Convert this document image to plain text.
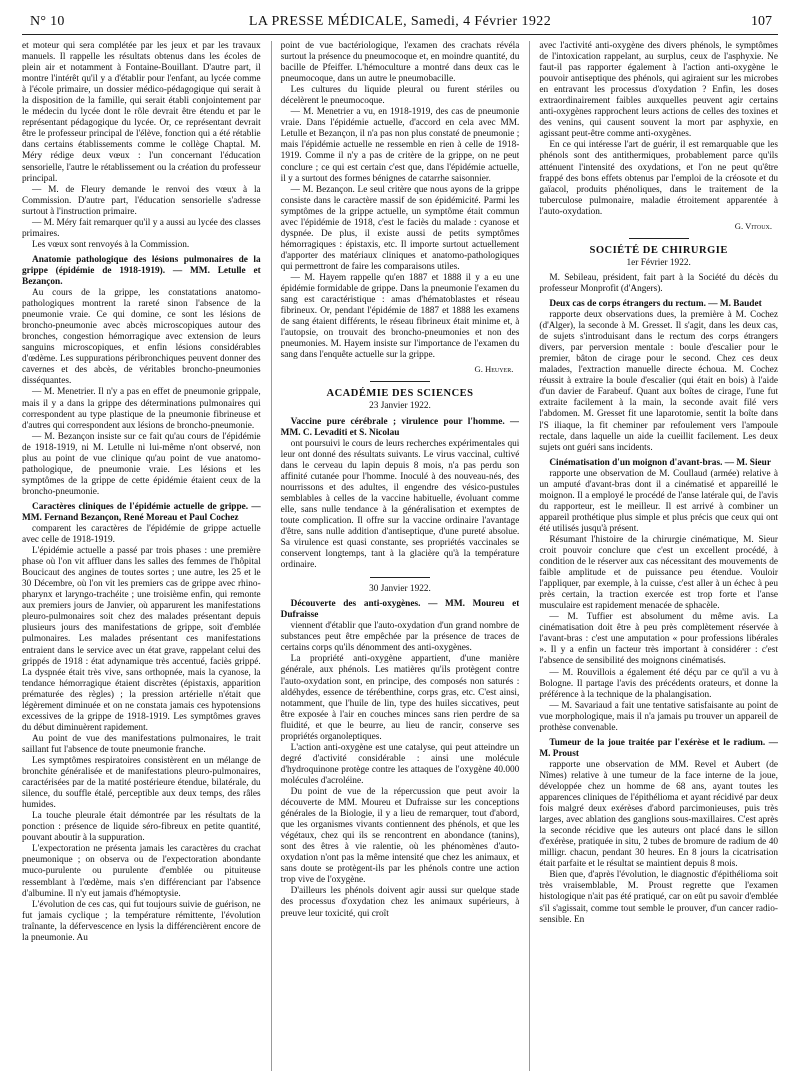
N° 10	LA PRESSE MÉDICALE, Samedi, 4 Février 1922	107

et moteur qui sera complétée par les jeux et par les travaux manuels. Il rappelle les résultats obtenus dans les écoles de plein air et notamment à Fontaine-Bouillant. D'autre part, il montre l'intérêt qu'il y a d'établir pour l'enfant, au lycée comme à l'école primaire, un dossier médico-pédagogique qui serait à la disposition de la famille, qui serait établi conjointement par le médecin du lycée dont le rôle devrait être étendu et par le représentant pédagogique du lycée. Or, ce représentant devrait être le professeur principal de l'élève, fonction qui a été rétablie dans certains établissements comme le collège Chaptal. M. Méry rédige deux vœux : l'un concernant l'éducation sensorielle, l'autre le rétablissement ou la création du professeur principal.

— M. de Fleury demande le renvoi des vœux à la Commission. D'autre part, l'éducation sensorielle s'adresse surtout à l'instruction primaire.

— M. Méry fait remarquer qu'il y a aussi au lycée des classes primaires.

Les vœux sont renvoyés à la Commission.

Anatomie pathologique des lésions pulmonaires de la grippe (épidémie de 1918-1919). — MM. Letulle et Bezançon.

Au cours de la grippe, les constatations anatomo-pathologiques montrent la rareté sinon l'absence de la pneumonie vraie. Ce qui domine, ce sont les lésions de broncho-pneumonie avec abcès microscopiques autour des bronches, congestion hémorragique avec extension de leurs sanguins microscopiques, et enfin lésions considérables d'œdème. Les suppurations péribronchiques peuvent donner des cavernes et des abcès, de véritables broncho-pneumonies disséquantes.

— M. Menetrier. Il n'y a pas en effet de pneumonie grippale, mais il y a dans la grippe des déterminations pulmonaires qui correspondent au type plastique de la pneumonie fibrineuse et d'autres qui correspondent aux lésions de broncho-pneumonie.

— M. Bezançon insiste sur ce fait qu'au cours de l'épidémie de 1918-1919, ni M. Letulle ni lui-même n'ont observé, non plus au point de vue clinique qu'au point de vue anatomo-pathologique, de pneumonie vraie. Les lésions et les symptômes de la grippe de cette épidémie étaient ceux de la broncho-pneumonie.

Caractères cliniques de l'épidémie actuelle de grippe. — MM. Fernand Bezançon, René Moreau et Paul Cochez

comparent les caractères de l'épidémie de grippe actuelle avec celle de 1918-1919.

L'épidémie actuelle a passé par trois phases : une première phase où l'on vit affluer dans les salles des femmes de l'hôpital Boucicaut des angines de toutes sortes ; une autre, les 25 et le 30 Décembre, où l'on vit les premiers cas de grippe avec rhino-pharynx et laryngo-trachéite ; une troisième enfin, qui remonte aux premiers jours de Janvier, où apparurent les manifestations pleuro-pulmonaires soit chez des malades présentant depuis plusieurs jours des manifestations de grippe, soit d'emblée pulmonaires. Les malades présentant ces manifestations entraient dans le service avec un état grave, rappelant celui des grippés de 1918 : état adynamique très accentué, faciès grippé. La dyspnée était très vive, sans orthopnée, mais la cyanose, la tendance hémorragique étaient discrètes (épistaxis, apparition prématurée des règles) ; la pression artérielle n'était que légèrement diminuée et on ne constata jamais ces hypotensions excessives de la grippe de 1918-1919. Les symptômes graves du début diminuèrent rapidement.

Au point de vue des manifestations pulmonaires, le trait saillant fut l'absence de toute pneumonie franche.

Les symptômes respiratoires consistèrent en un mélange de bronchite généralisée et de manifestations pleuro-pulmonaires, caractérisées par de la matité postérieure étendue, bilatérale, du silence, du souffle étalé, perceptible aux deux temps, des râles humides.

La touche pleurale était démontrée par les résultats de la ponction : présence de liquide séro-fibreux en petite quantité, pouvant aboutir à la suppuration.

L'expectoration ne présenta jamais les caractères du crachat pneumonique ; on observa ou de l'expectoration abondante muco-purulente ou purulente d'emblée ou pituiteuse ressemblant à l'œdème, mais s'en différenciant par l'absence d'albumine. Il n'y eut jamais d'hémoptysie.

L'évolution de ces cas, qui fut toujours suivie de guérison, ne fut jamais cyclique ; la température rémittente, l'évolution traînante, la défervescence en lysis la différencièrent encore de la pneumonie. Au

point de vue bactériologique, l'examen des crachats révéla surtout la présence du pneumocoque et, en moindre quantité, du bacille de Pfeiffer. L'hémoculture a montré dans deux cas le pneumocoque, dans un autre le pneumobacille.

Les cultures du liquide pleural ou furent stériles ou décelèrent le pneumocoque.

— M. Menetrier a vu, en 1918-1919, des cas de pneumonie vraie. Dans l'épidémie actuelle, d'accord en cela avec MM. Letulle et Bezançon, il n'a pas non plus constaté de pneumonie ; mais l'épidémie actuelle ne ressemble en rien à celle de 1918-1919. Comme il n'y a pas de critère de la grippe, on ne peut conclure ; ce qui est certain c'est que, dans l'épidémie actuelle, il y a surtout des formes bénignes de catarrhe saisonnier.

— M. Bezançon. Le seul critère que nous ayons de la grippe consiste dans le caractère massif de son épidémicité. Parmi les symptômes de la grippe actuelle, un symptôme était commun avec l'épidémie de 1918, c'est le faciès du malade : cyanose et dyspnée. De plus, il existe aussi de petits symptômes hémorragiques : épistaxis, etc. Il importe surtout actuellement d'apporter des matériaux cliniques et anatomo-pathologiques qui permettront de faire les comparaisons utiles.

— M. Hayem rappelle qu'en 1887 et 1888 il y a eu une épidémie formidable de grippe. Dans la pneumonie l'examen du sang est caractéristique : amas d'hématoblastes et réseau fibrineux. Or, pendant l'épidémie de 1887 et 1888 les examens de sang étaient différents, le réseau fibrineux était minime et, à l'autopsie, on trouvait des broncho-pneumonies et non des pneumonies. M. Hayem insiste sur l'importance de l'examen du sang dans l'enquête actuelle sur la grippe.

G. Heuyer.
ACADÉMIE DES SCIENCES
23 Janvier 1922.
Vaccine pure cérébrale ; virulence pour l'homme. — MM. C. Levaditi et S. Nicolau

ont poursuivi le cours de leurs recherches expérimentales qui leur ont donné des résultats suivants. Le virus vaccinal, cultivé dans le cerveau du lapin depuis 8 mois, n'a pas perdu son affinité cutanée pour l'homme. Inoculé à des nouveau-nés, des nourrissons et des adultes, il engendre des vésico-pustules semblables à celles de la vaccine habituelle, évoluant comme elle, sans nulle tendance à la généralisation et exemptes de toute complication. Il offre sur la vaccine ordinaire l'avantage d'être, sans nulle addition d'antiseptique, d'une pureté absolue. Sa virulence est quasi constante, ses propriétés vaccinales se conservent longtemps, tant à la glacière qu'à la température ordinaire.

30 Janvier 1922.
Découverte des anti-oxygènes. — MM. Moureu et Dufraisse

viennent d'établir que l'auto-oxydation d'un grand nombre de substances peut être empêchée par la présence de traces de certains corps qu'ils dénomment des anti-oxygènes.

La propriété anti-oxygène appartient, d'une manière générale, aux phénols. Les matières qu'ils protègent contre l'auto-oxydation sont, en principe, des composés non saturés : aldéhydes, essence de térébenthine, corps gras, etc. C'est ainsi, notamment, que l'huile de lin, type des huiles siccatives, peut être exposée à l'air en couches minces sans rien perdre de sa fluidité, et que le beurre, au lieu de rancir, conserve ses propriétés organoleptiques.

L'action anti-oxygène est une catalyse, qui peut atteindre un degré d'activité considérable : ainsi une molécule d'hydroquinone protège contre les attaques de l'oxygène 40.000 molécules d'acroléine.

Du point de vue de la répercussion que peut avoir la découverte de MM. Moureu et Dufraisse sur les conceptions générales de la Biologie, il y a lieu de remarquer, tout d'abord, que les organismes vivants contiennent des phénols, et que les végétaux, chez qui ils se rencontrent en abondance (tanins), sont des êtres à vie ralentie, où les phénomènes d'auto-oxydation n'ont pas la même intensité que chez les animaux, et sans doute se protègent-ils par les phénols contre une action trop vive de l'oxygène.

D'ailleurs les phénols doivent agir aussi sur quelque stade des processus d'oxydation chez les animaux supérieurs, à preuve leur toxicité, qui croît

avec l'activité anti-oxygène des divers phénols, le symptômes de l'intoxication rappelant, au surplus, ceux de l'asphyxie. Ne faut-il pas rapporter également à l'action anti-oxygène le pouvoir antiseptique des phénols, qui agiraient sur les microbes en entravant les processus d'oxydation ? Enfin, les doses extraordinairement faibles auxquelles peuvent agir certains anti-oxygènes rapprochent leurs actions de celles des toxines et des venins, qui causent souvent la mort par asphyxie, en agissant peut-être comme anti-oxygènes.

En ce qui intéresse l'art de guérir, il est remarquable que les phénols sont des antithermiques, probablement parce qu'ils atténuent l'intensité des oxydations, et l'on ne peut qu'être frappé des bons effets obtenus par l'emploi de la créosote et du gaïacol, produits phénoliques, dans le traitement de la tuberculose pulmonaire, maladie étroitement apparentée à l'auto-oxydation.

G. Vitoux.
SOCIÉTÉ DE CHIRURGIE
1er Février 1922.

M. Sebileau, président, fait part à la Société du décès du professeur Monprofit (d'Angers).

Deux cas de corps étrangers du rectum. — M. Baudet

rapporte deux observations dues, la première à M. Cochez (d'Alger), la seconde à M. Gresset. Il s'agit, dans les deux cas, de sujets s'introduisant dans le rectum des corps étrangers divers, par perversion mentale : boule d'escalier pour le premier, bâton de cirage pour le second. Chez ces deux malades, l'extraction manuelle directe échoua. M. Cochez réussit à extraire la boule d'escalier (qui était en bois) à l'aide d'un davier de Farabeuf. Quant aux boîtes de cirage, l'une fut extraite facilement à la main, la seconde avait filé vers l'abdomen. M. Gresset fit une laparotomie, sentit la boîte dans l'S iliaque, la fit cheminer par refoulement vers l'ampoule rectale, dans laquelle un aide la cueillit facilement. Les deux sujets ont guéri sans incidents.

Cinématisation d'un moignon d'avant-bras. — M. Sieur

rapporte une observation de M. Coullaud (armée) relative à un amputé d'avant-bras dont il a cinématisé et appareillé le moignon. Il a employé le procédé de l'anse latérale qui, de l'avis du rapporteur, est le meilleur. Il est arrivé à combiner un appareil prothétique plus simple et plus précis que ceux qui ont été utilisés jusqu'à présent.

Résumant l'histoire de la chirurgie cinématique, M. Sieur croit pouvoir conclure que c'est un excellent procédé, à condition de le réserver aux cas nécessitant des mouvements de faible amplitude et de puissance peu étendue. Vouloir l'appliquer, par exemple, à la cuisse, c'est aller à un échec à peu près certain, la traction exercée est trop forte et l'anse musculaire est rapidement menacée de sphacèle.

— M. Tuffier est absolument du même avis. La cinématisation doit être à peu près complètement réservée à l'avant-bras : c'est une amputation « pour professions libérales ». Il y a enfin un facteur très important à considérer : c'est l'absence de sensibilité des moignons cinématisés.

— M. Rouvillois a également été déçu par ce qu'il a vu à Bologne. Il partage l'avis des précédents orateurs, et donne la préférence à la technique de la phalangisation.

— M. Savariaud a fait une tentative satisfaisante au point de vue morphologique, mais il n'a jamais pu trouver un appareil de prothèse convenable.

Tumeur de la joue traitée par l'exérèse et le radium. — M. Proust

rapporte une observation de MM. Revel et Aubert (de Nîmes) relative à une tumeur de la face interne de la joue, développée chez un homme de 68 ans, ayant toutes les apparences cliniques de l'épithélioma et ayant récidivé par deux fois malgré deux exérèses d'abord parcimonieuses, puis très larges, avec ablation des ganglions sous-maxillaires. C'est après la seconde récidive que les auteurs ont placé dans le sillon d'exérèse, pratiquée in situ, 2 tubes de bromure de radium de 40 milligr. chacun, pendant 30 heures. En 8 jours la cicatrisation était parfaite et le résultat se maintient depuis 8 mois.

Bien que, d'après l'évolution, le diagnostic d'épithélioma soit très vraisemblable, M. Proust regrette que l'examen histologique n'ait pas été pratiqué, car on eût pu savoir d'emblée s'il s'agissait, comme tout semble le prouver, d'un cancer radio-sensible. En
